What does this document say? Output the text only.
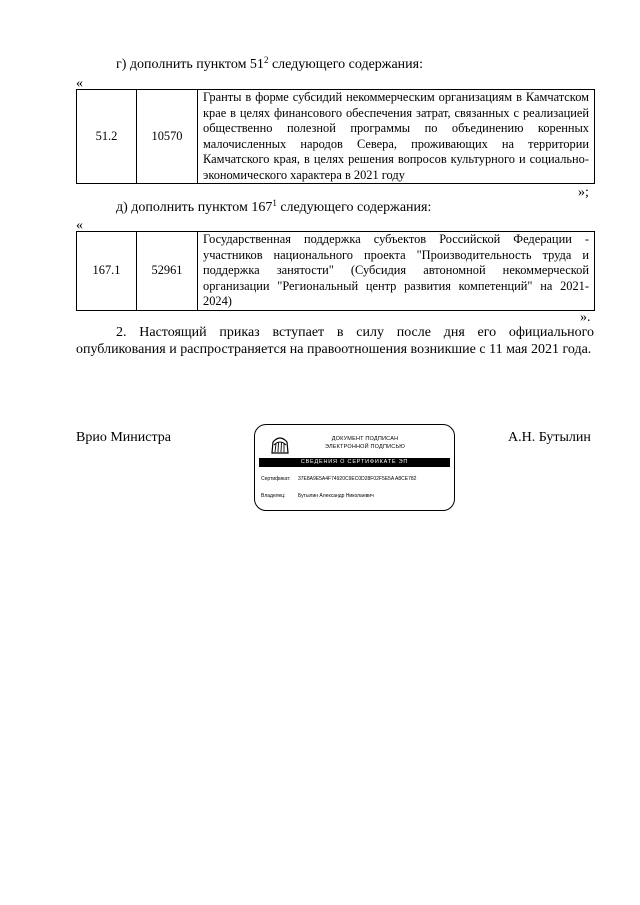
г) дополнить пунктом $51^2$ следующего содержания:

«
51.2	10570	Гранты в форме субсидий некоммерческим организациям в Камчатском крае в целях финансового обеспечения затрат, связанных с реализацией общественно полезной программы по объединению коренных малочисленных народов Севера, проживающих на территории Камчатского края, в целях решения вопросов культурного и социально-экономического характера в 2021 году
»;

д) дополнить пунктом $167^1$ следующего содержания:

«
167.1	52961	Государственная поддержка субъектов Российской Федерации - участников национального проекта "Производительность труда и поддержка занятости" (Субсидия автономной некоммерческой организации "Региональный центр развития компетенций" на 2021-2024)
».

2. Настоящий приказ вступает в силу после дня его официального опубликования и распространяется на правоотношения возникшие с 11 мая 2021 года.

Врио Министра	А.Н. Бутылин
ДОКУМЕНТ ПОДПИСАН
ЭЛЕКТРОННОЙ ПОДПИСЬЮ
СВЕДЕНИЯ О СЕРТИФИКАТЕ ЭП
Сертификат: 37E8A9E5A4F74920C9EC0D28F02F5E5A A8CE782
Владелец: Бутылин Александр Николаевич
